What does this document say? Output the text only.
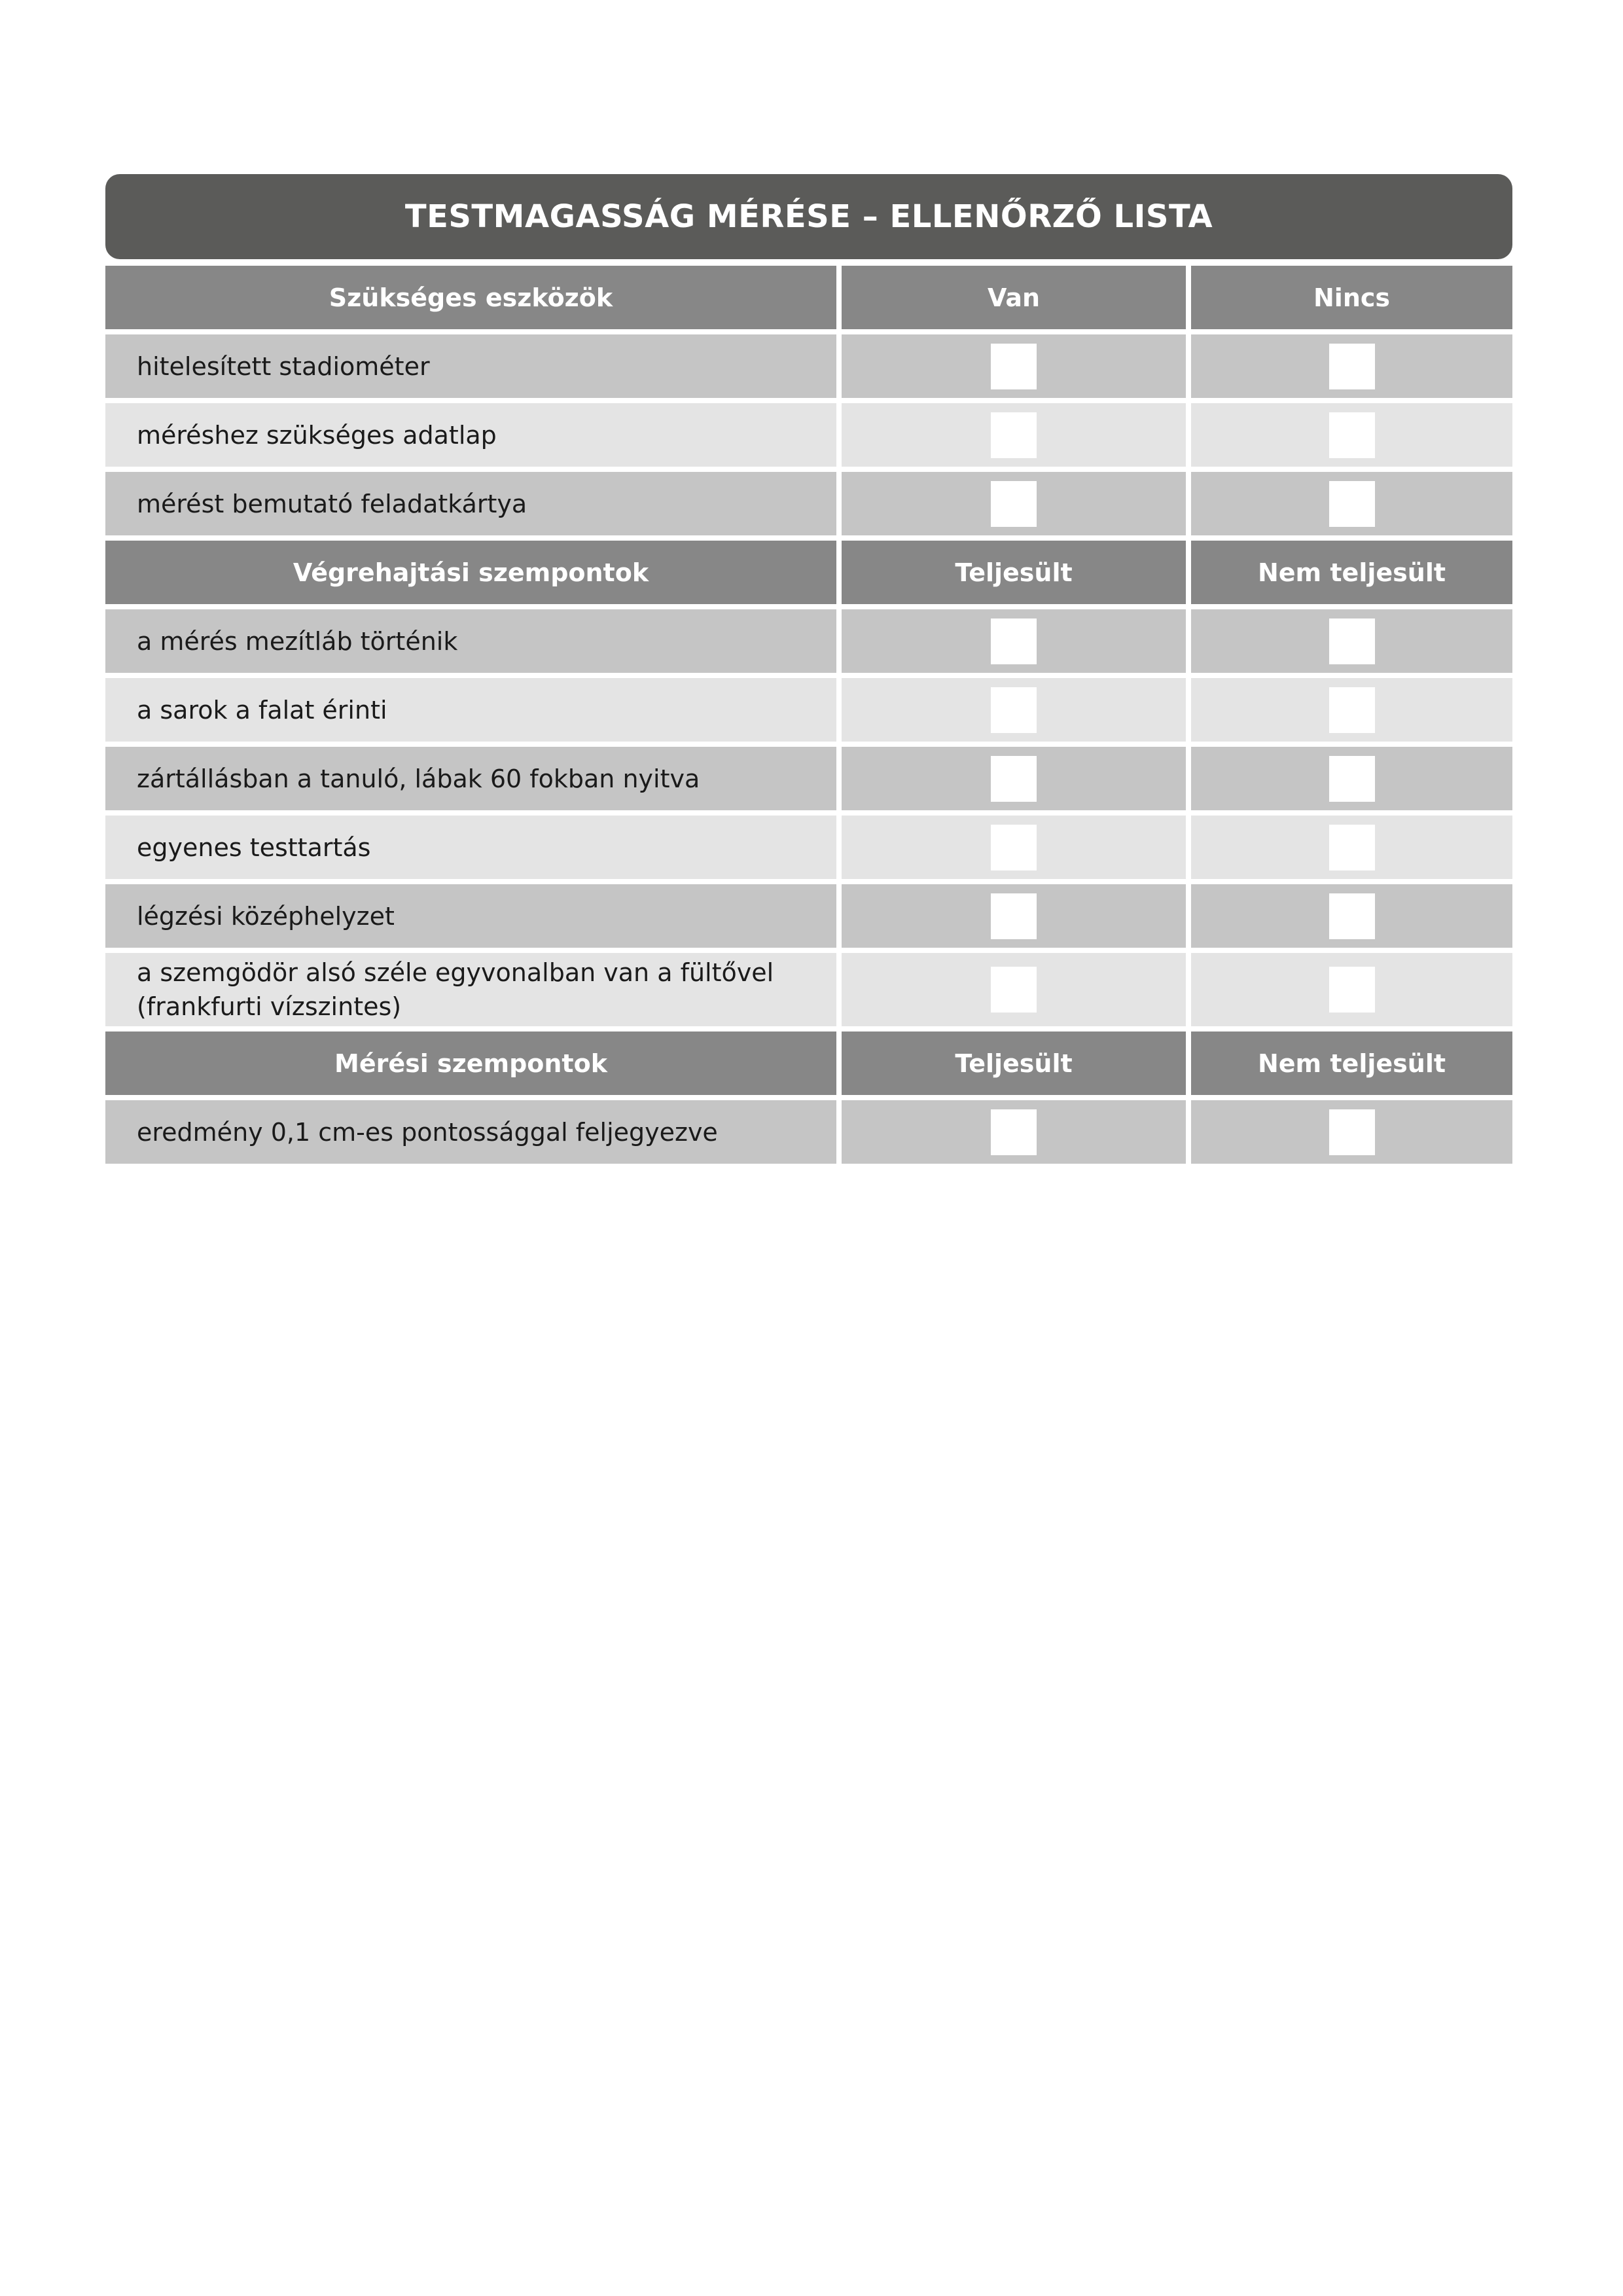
TESTMAGASSÁG MÉRÉSE – ELLENŐRZŐ LISTA
Szükséges eszközök	Van	Nincs
hitelesített stadiométer
méréshez szükséges adatlap
mérést bemutató feladatkártya
Végrehajtási szempontok	Teljesült	Nem teljesült
a mérés mezítláb történik
a sarok a falat érinti
zártállásban a tanuló, lábak 60 fokban nyitva
egyenes testtartás
légzési középhelyzet
a szemgödör alsó széle egyvonalban van a fültővel (frankfurti vízszintes)
Mérési szempontok	Teljesült	Nem teljesült
eredmény 0,1 cm-es pontossággal feljegyezve
